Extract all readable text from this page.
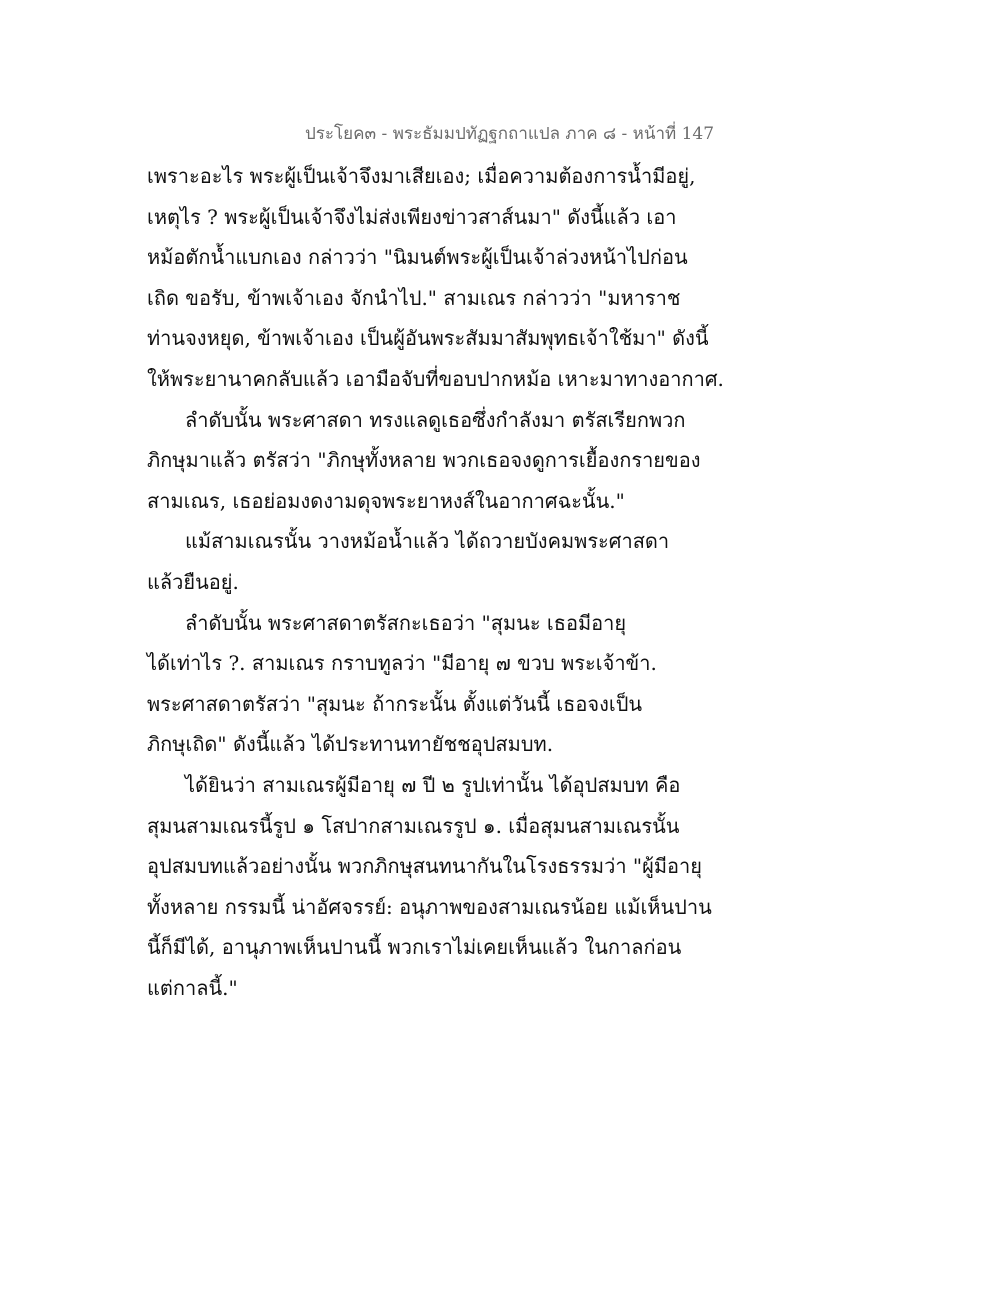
ประโยค๓ - พระธัมมปทัฏฐกถาแปล ภาค ๘ - หน้าที่ 147
เพราะอะไร พระผู้เป็นเจ้าจึงมาเสียเอง; เมื่อความต้องการน้ำมีอยู่,
เหตุไร ? พระผู้เป็นเจ้าจึงไม่ส่งเพียงข่าวสาส์นมา" ดังนี้แล้ว เอา
หม้อตักน้ำแบกเอง กล่าวว่า "นิมนต์พระผู้เป็นเจ้าล่วงหน้าไปก่อน
เถิด ขอรับ, ข้าพเจ้าเอง จักนำไป." สามเณร กล่าวว่า "มหาราช
ท่านจงหยุด, ข้าพเจ้าเอง เป็นผู้อันพระสัมมาสัมพุทธเจ้าใช้มา" ดังนี้
ให้พระยานาคกลับแล้ว เอามือจับที่ขอบปากหม้อ เหาะมาทางอากาศ.
ลำดับนั้น พระศาสดา ทรงแลดูเธอซึ่งกำลังมา ตรัสเรียกพวก
ภิกษุมาแล้ว ตรัสว่า "ภิกษุทั้งหลาย พวกเธอจงดูการเยื้องกรายของ
สามเณร, เธอย่อมงดงามดุจพระยาหงส์ในอากาศฉะนั้น."
แม้สามเณรนั้น วางหม้อน้ำแล้ว ได้ถวายบังคมพระศาสดา
แล้วยืนอยู่.
ลำดับนั้น พระศาสดาตรัสกะเธอว่า "สุมนะ เธอมีอายุ
ได้เท่าไร ?. สามเณร กราบทูลว่า "มีอายุ ๗ ขวบ พระเจ้าข้า.
พระศาสดาตรัสว่า "สุมนะ ถ้ากระนั้น ตั้งแต่วันนี้ เธอจงเป็น
ภิกษุเถิด" ดังนี้แล้ว ได้ประทานทายัชชอุปสมบท.
ได้ยินว่า สามเณรผู้มีอายุ ๗ ปี ๒ รูปเท่านั้น ได้อุปสมบท คือ
สุมนสามเณรนี้รูป ๑ โสปากสามเณรรูป ๑. เมื่อสุมนสามเณรนั้น
อุปสมบทแล้วอย่างนั้น พวกภิกษุสนทนากันในโรงธรรมว่า "ผู้มีอายุ
ทั้งหลาย กรรมนี้ น่าอัศจรรย์: อนุภาพของสามเณรน้อย แม้เห็นปาน
นี้ก็มีได้, อานุภาพเห็นปานนี้ พวกเราไม่เคยเห็นแล้ว ในกาลก่อน
แต่กาลนี้."
